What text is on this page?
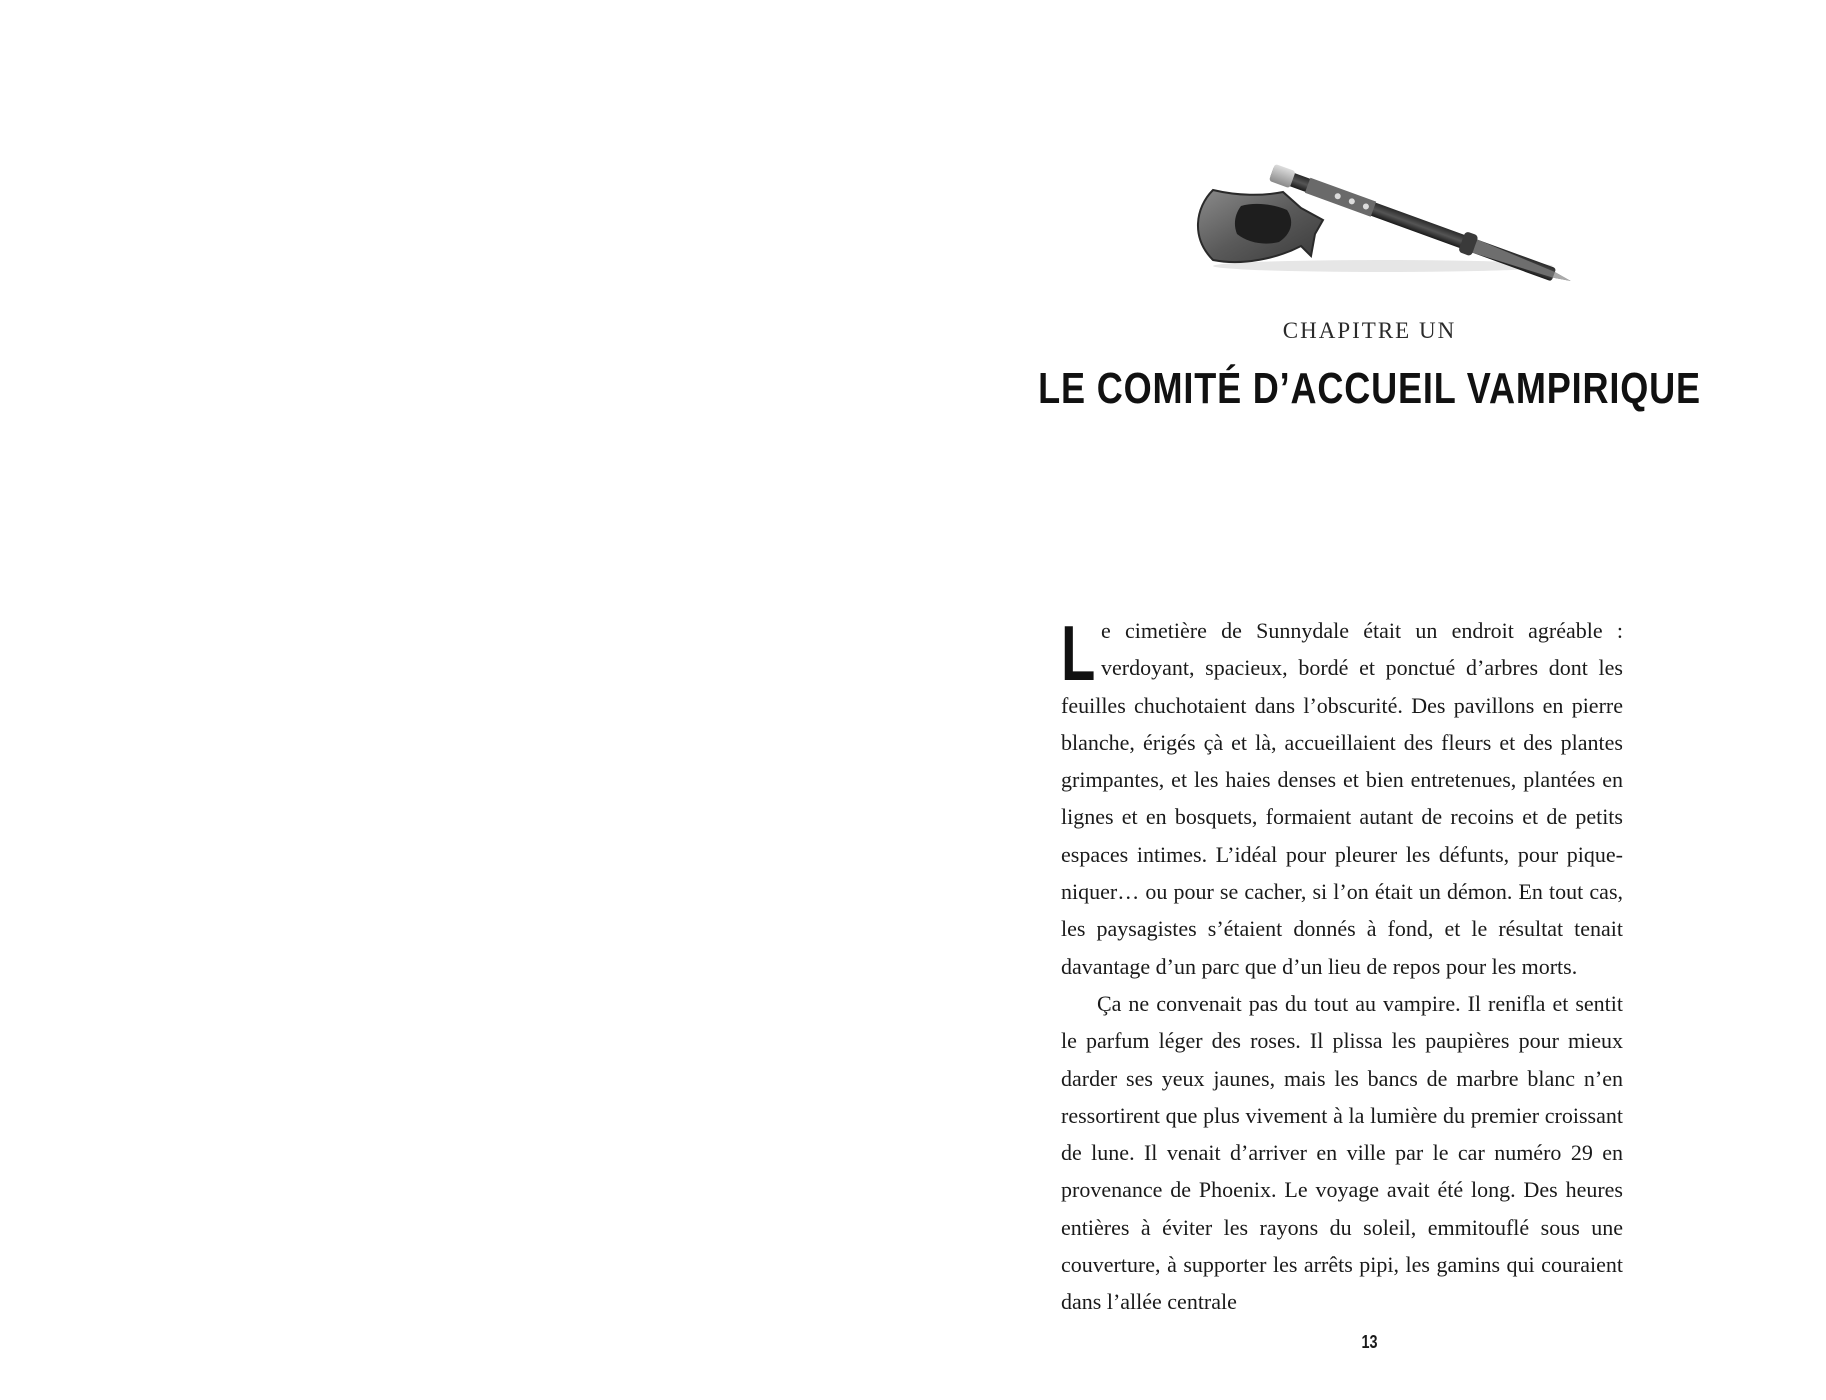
CHAPITRE UN

LE COMITÉ D’ACCUEIL VAMPIRIQUE

Le cimetière de Sunnydale était un endroit agréable : verdoyant, spacieux, bordé et ponctué d’arbres dont les feuilles chuchotaient dans l’obscurité. Des pavillons en pierre blanche, érigés çà et là, accueillaient des fleurs et des plantes grimpantes, et les haies denses et bien entretenues, plantées en lignes et en bosquets, formaient autant de recoins et de petits espaces intimes. L’idéal pour pleurer les défunts, pour pique-niquer… ou pour se cacher, si l’on était un démon. En tout cas, les paysagistes s’étaient donnés à fond, et le résultat tenait davantage d’un parc que d’un lieu de repos pour les morts.

Ça ne convenait pas du tout au vampire. Il renifla et sentit le parfum léger des roses. Il plissa les paupières pour mieux darder ses yeux jaunes, mais les bancs de marbre blanc n’en ressortirent que plus vivement à la lumière du premier croissant de lune. Il venait d’arriver en ville par le car numéro 29 en provenance de Phoenix. Le voyage avait été long. Des heures entières à éviter les rayons du soleil, emmitouflé sous une couverture, à supporter les arrêts pipi, les gamins qui couraient dans l’allée centrale

13
